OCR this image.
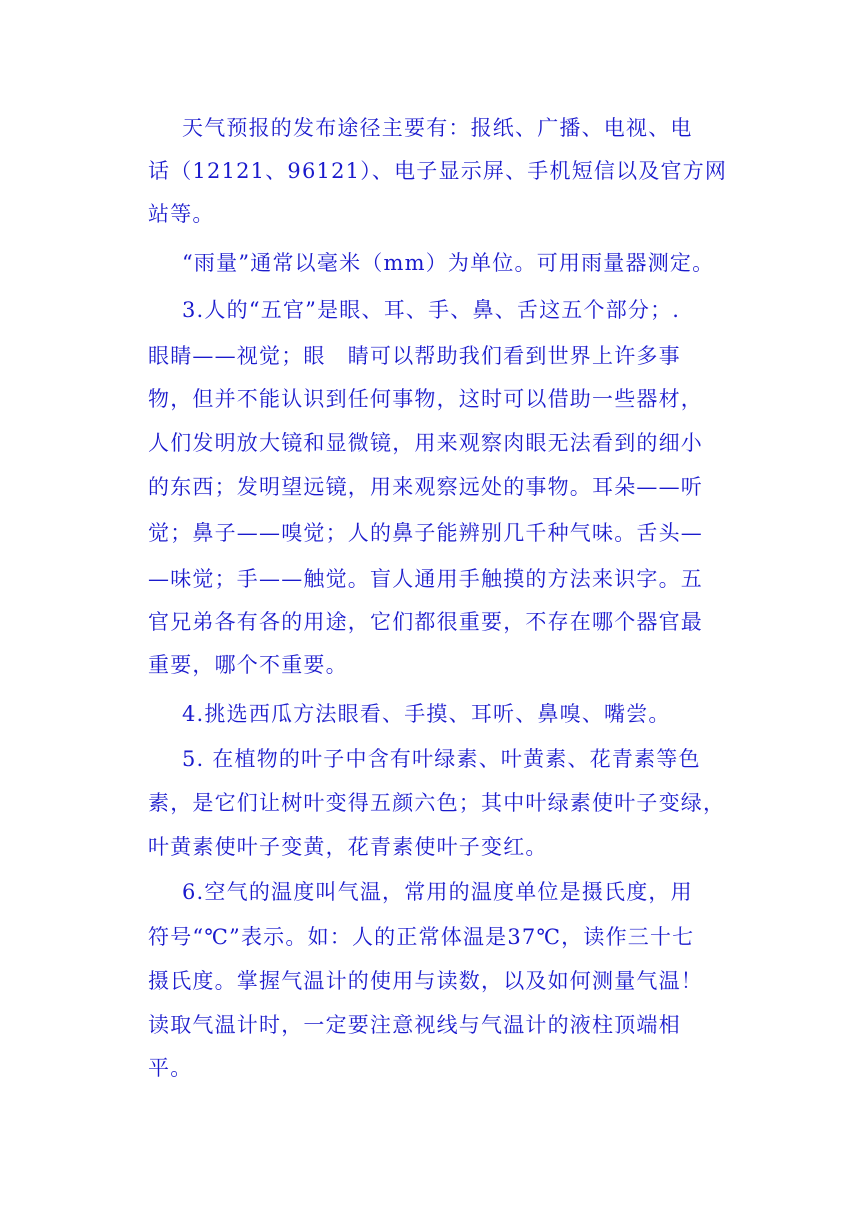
天气预报的发布途径主要有：报纸、广播、电视、电
话（12121、96121）、电子显示屏、手机短信以及官方网
站等。
“雨量”通常以毫米（mm）为单位。可用雨量器测定。
3.人的“五官”是眼、耳、手、鼻、舌这五个部分；.
眼睛——视觉；眼　睛可以帮助我们看到世界上许多事
物，但并不能认识到任何事物，这时可以借助一些器材，
人们发明放大镜和显微镜，用来观察肉眼无法看到的细小
的东西；发明望远镜，用来观察远处的事物。耳朵——听
觉；鼻子——嗅觉；人的鼻子能辨别几千种气味。舌头—
—味觉；手——触觉。盲人通用手触摸的方法来识字。五
官兄弟各有各的用途，它们都很重要，不存在哪个器官最
重要，哪个不重要。
4.挑选西瓜方法眼看、手摸、耳听、鼻嗅、嘴尝。
5. 在植物的叶子中含有叶绿素、叶黄素、花青素等色
素，是它们让树叶变得五颜六色；其中叶绿素使叶子变绿，
叶黄素使叶子变黄，花青素使叶子变红。
6.空气的温度叫气温，常用的温度单位是摄氏度，用
符号“℃”表示。如：人的正常体温是37℃，读作三十七
摄氏度。掌握气温计的使用与读数，以及如何测量气温！
读取气温计时，一定要注意视线与气温计的液柱顶端相
平。
